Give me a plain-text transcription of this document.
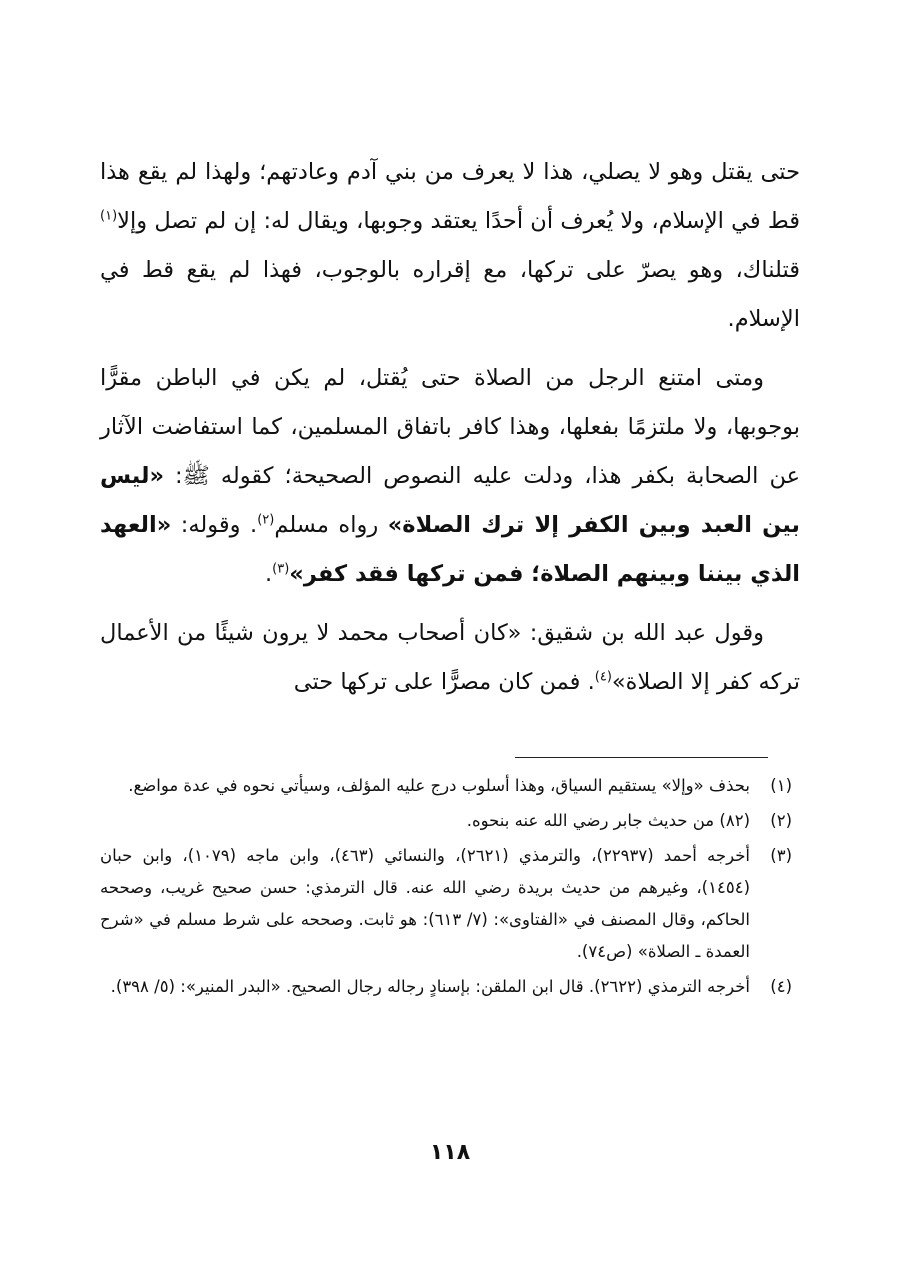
حتى يقتل وهو لا يصلي، هذا لا يعرف من بني آدم وعادتهم؛ ولهذا لم يقع هذا قط في الإسلام، ولا يُعرف أن أحدًا يعتقد وجوبها، ويقال له: إن لم تصل وإلا$^{(١)}$ قتلناك، وهو يصرّ على تركها، مع إقراره بالوجوب، فهذا لم يقع قط في الإسلام.

ومتى امتنع الرجل من الصلاة حتى يُقتل، لم يكن في الباطن مقرًّا بوجوبها، ولا ملتزمًا بفعلها، وهذا كافر باتفاق المسلمين، كما استفاضت الآثار عن الصحابة بكفر هذا، ودلت عليه النصوص الصحيحة؛ كقوله ﷺ: «ليس بين العبد وبين الكفر إلا ترك الصلاة» رواه مسلم$^{(٢)}$. وقوله: «العهد الذي بيننا وبينهم الصلاة؛ فمن تركها فقد كفر»$^{(٣)}$.

وقول عبد الله بن شقيق: «كان أصحاب محمد لا يرون شيئًا من الأعمال تركه كفر إلا الصلاة»$^{(٤)}$. فمن كان مصرًّا على تركها حتى

(١)
بحذف «وإلا» يستقيم السياق، وهذا أسلوب درج عليه المؤلف، وسيأتي نحوه في عدة مواضع.
(٢)
(٨٢) من حديث جابر رضي الله عنه بنحوه.
(٣)
أخرجه أحمد (٢٢٩٣٧)، والترمذي (٢٦٢١)، والنسائي (٤٦٣)، وابن ماجه (١٠٧٩)، وابن حبان (١٤٥٤)، وغيرهم من حديث بريدة رضي الله عنه. قال الترمذي: حسن صحيح غريب، وصححه الحاكم، وقال المصنف في «الفتاوى»: (٧/ ٦١٣): هو ثابت. وصححه على شرط مسلم في «شرح العمدة ـ الصلاة» (ص٧٤).
(٤)
أخرجه الترمذي (٢٦٢٢). قال ابن الملقن: بإسنادٍ رجاله رجال الصحيح. «البدر المنير»: (٥/ ٣٩٨).
١١٨
